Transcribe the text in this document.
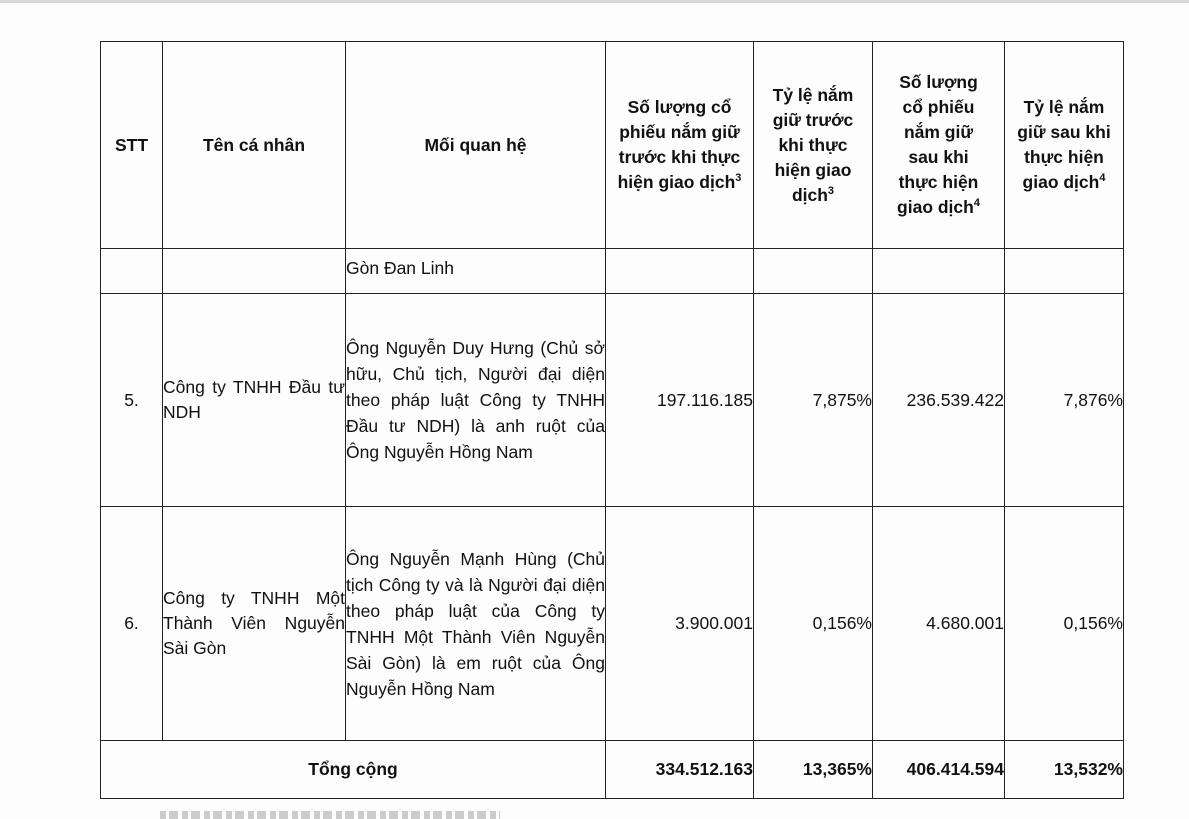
STT	Tên cá nhân	Mối quan hệ	Số lượng cổ phiếu nắm giữ trước khi thực hiện giao dịch$^3$	Tỷ lệ nắm giữ trước khi thực hiện giao dịch$^3$	Số lượng cổ phiếu nắm giữ sau khi thực hiện giao dịch$^4$	Tỷ lệ nắm giữ sau khi thực hiện giao dịch$^4$
		Gòn Đan Linh				
5.	Công ty TNHH Đầu tư NDH	Ông Nguyễn Duy Hưng (Chủ sở hữu, Chủ tịch, Người đại diện theo pháp luật Công ty TNHH Đầu tư NDH) là anh ruột của Ông Nguyễn Hồng Nam	197.116.185	7,875%	236.539.422	7,876%
6.	Công ty TNHH Một Thành Viên Nguyễn Sài Gòn	Ông Nguyễn Mạnh Hùng (Chủ tịch Công ty và là Người đại diện theo pháp luật của Công ty TNHH Một Thành Viên Nguyễn Sài Gòn) là em ruột của Ông Nguyễn Hồng Nam	3.900.001	0,156%	4.680.001	0,156%
Tổng cộng			334.512.163	13,365%	406.414.594	13,532%
